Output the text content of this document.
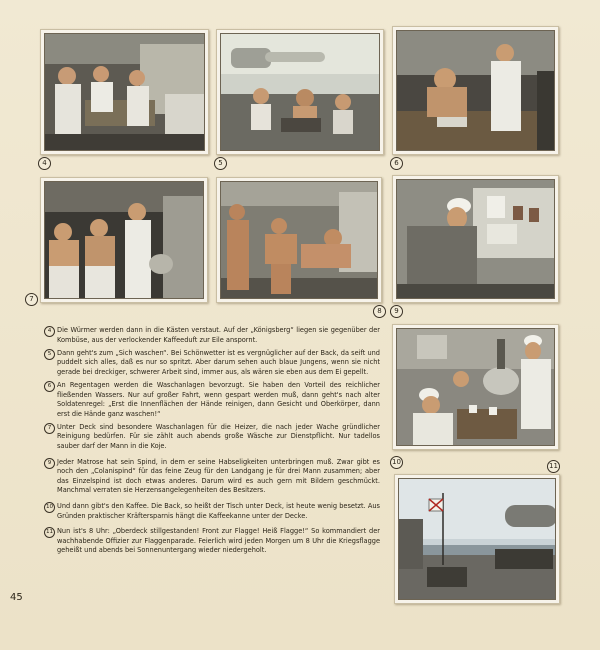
4	5	6
7
8	9
10	11
4 Die Würmer werden dann in die Kästen verstaut. Auf der „Königsberg“ liegen sie gegenüber der Kombüse, aus der verlockender Kaffeeduft zur Eile anspornt.
5 Dann geht's zum „Sich waschen“. Bei Schönwetter ist es vergnüglicher auf der Back, da seift und puddelt sich alles, daß es nur so spritzt. Aber darum sehen auch blaue Jungens, wenn sie nicht gerade bei dreckiger, schwerer Arbeit sind, immer aus, als wären sie eben aus dem Ei gepellt.
6 An Regentagen werden die Waschanlagen bevorzugt. Sie haben den Vorteil des reichlicher fließenden Wassers. Nur auf großer Fahrt, wenn gespart werden muß, dann geht's nach alter Soldatenregel: „Erst die Innenflächen der Hände reinigen, dann Gesicht und Oberkörper, dann erst die Hände ganz waschen!“
7 Unter Deck sind besondere Waschanlagen für die Heizer, die nach jeder Wache gründlicher Reinigung bedürfen. Für sie zählt auch abends große Wäsche zur Dienstpflicht. Nur tadellos sauber darf der Mann in die Koje.
9 Jeder Matrose hat sein Spind, in dem er seine Habseligkeiten unterbringen muß. Zwar gibt es noch den „Colanispind“ für das feine Zeug für den Landgang je für drei Mann zusammen; aber das Einzelspind ist doch etwas anderes. Darum wird es auch gern mit Bildern geschmückt. Manchmal verraten sie Herzensangelegenheiten des Besitzers.
10 Und dann gibt's den Kaffee. Die Back, so heißt der Tisch unter Deck, ist heute wenig besetzt. Aus Gründen praktischer Kräftersparnis hängt die Kaffeekanne unter der Decke.
11 Nun ist's 8 Uhr: „Oberdeck stillgestanden! Front zur Flagge! Heiß Flagge!“ So kommandiert der wachhabende Offizier zur Flaggenparade. Feierlich wird jeden Morgen um 8 Uhr die Kriegsflagge geheißt und abends bei Sonnenuntergang wieder niedergeholt.
45
